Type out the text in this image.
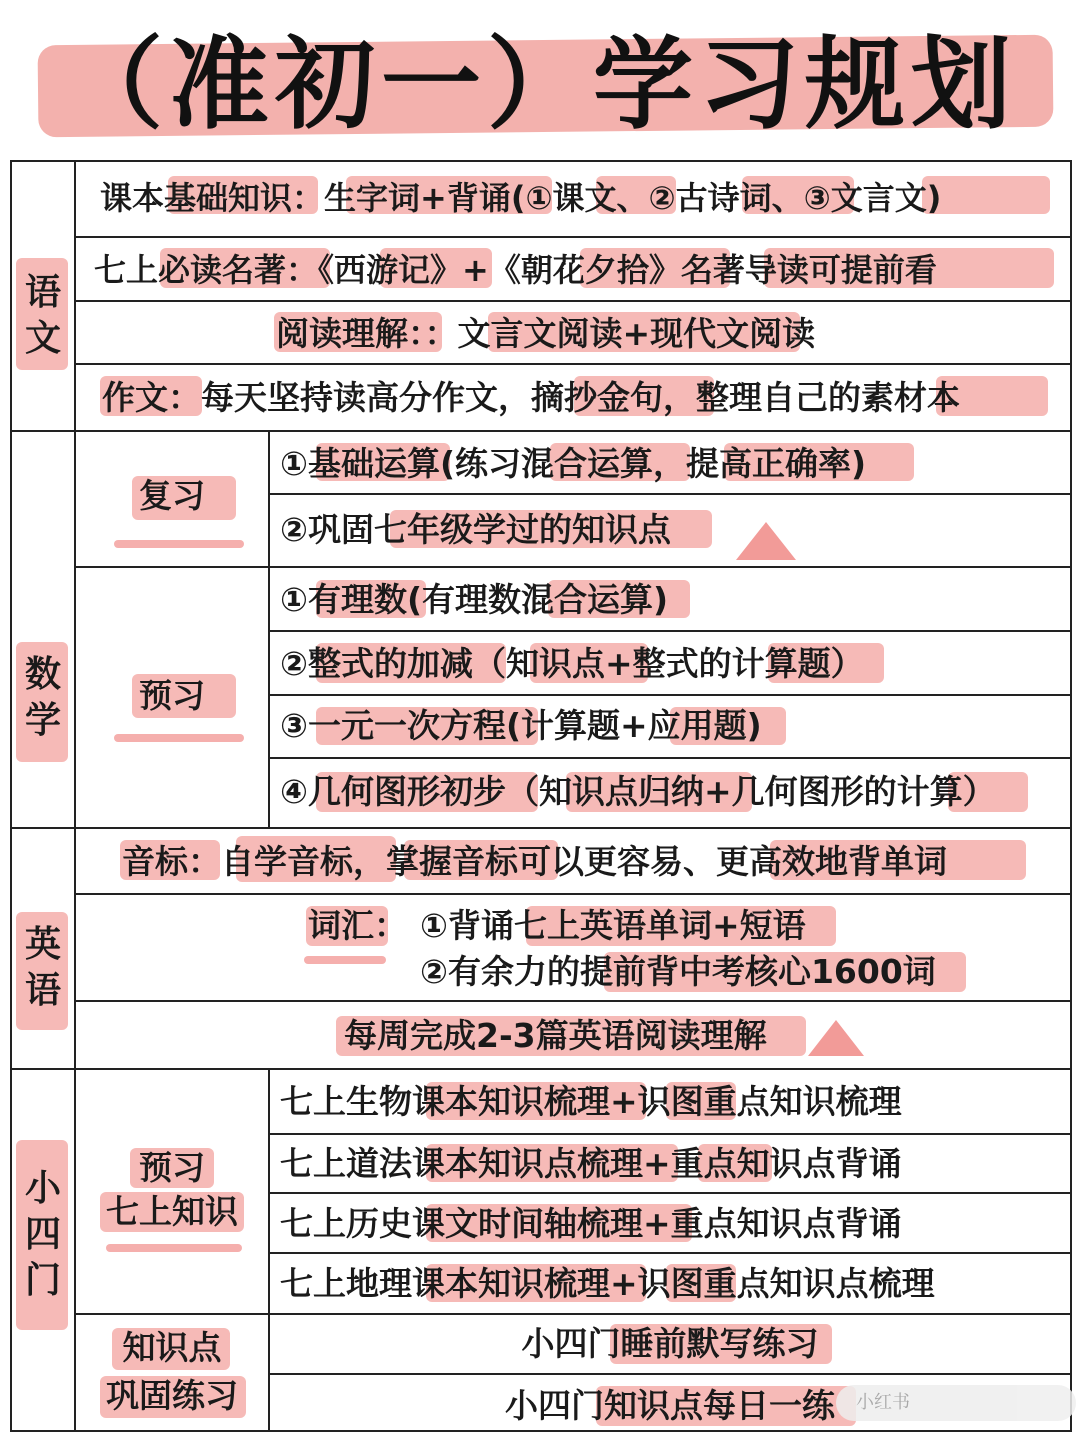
（准初一）学习规划
语文
数学
英语
小四门
课本基础知识：生字词+背诵(①课文、②古诗词、③文言文)
七上必读名著：《西游记》+《朝花夕拾》名著导读可提前看
阅读理解：：文言文阅读+现代文阅读
作文：每天坚持读高分作文，摘抄金句，整理自己的素材本
复习
①基础运算(练习混合运算，提高正确率)
②巩固七年级学过的知识点
预习
①有理数(有理数混合运算)
②整式的加减（知识点+整式的计算题）
③一元一次方程(计算题+应用题)
④几何图形初步（知识点归纳+几何图形的计算）
音标：自学音标，掌握音标可以更容易、更高效地背单词
词汇： ①背诵七上英语单词+短语
②有余力的提前背中考核心1600词
每周完成2-3篇英语阅读理解
预习
七上知识
七上生物课本知识梳理+识图重点知识梳理
七上道法课本知识点梳理+重点知识点背诵
七上历史课文时间轴梳理+重点知识点背诵
七上地理课本知识梳理+识图重点知识点梳理
知识点
巩固练习
小四门睡前默写练习
小四门知识点每日一练	小红书
